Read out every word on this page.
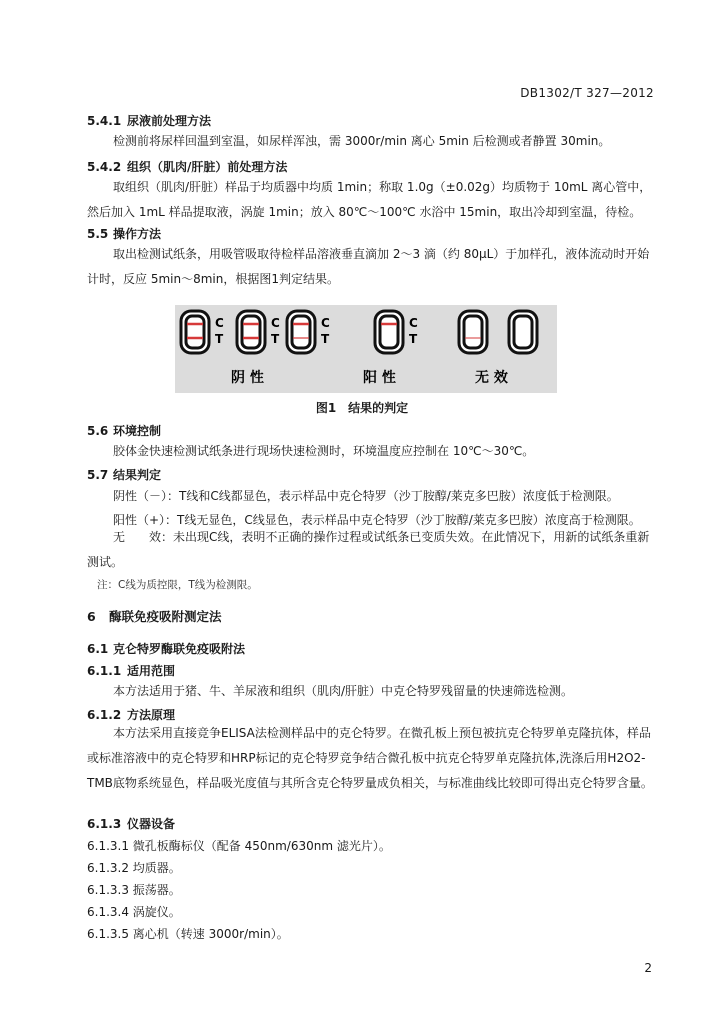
DB1302/T 327—2012
5.4.1 尿液前处理方法
检测前将尿样回温到室温，如尿样浑浊，需 3000r/min 离心 5min 后检测或者静置 30min。
5.4.2 组织（肌肉/肝脏）前处理方法
取组织（肌肉/肝脏）样品于均质器中均质 1min；称取 1.0g（±0.02g）均质物于 10mL 离心管中，然后加入 1mL 样品提取液，涡旋 1min；放入 80℃～100℃ 水浴中 15min，取出冷却到室温，待检。
5.5 操作方法
取出检测试纸条，用吸管吸取待检样品溶液垂直滴加 2～3 滴（约 80μL）于加样孔，液体流动时开始计时，反应 5min～8min，根据图1判定结果。
C
T
C
T
C
T
C
T
阴 性	阳 性	无 效
图1　结果的判定
5.6 环境控制
胶体金快速检测试纸条进行现场快速检测时，环境温度应控制在 10℃～30℃。
5.7 结果判定
阴性（－）：T线和C线都显色，表示样品中克仑特罗（沙丁胺醇/莱克多巴胺）浓度低于检测限。
阳性（+）：T线无显色，C线显色，表示样品中克仑特罗（沙丁胺醇/莱克多巴胺）浓度高于检测限。
无　　效：未出现C线，表明不正确的操作过程或试纸条已变质失效。在此情况下，用新的试纸条重新测试。
注：C线为质控限，T线为检测限。
6 酶联免疫吸附测定法
6.1 克仑特罗酶联免疫吸附法
6.1.1 适用范围
本方法适用于猪、牛、羊尿液和组织（肌肉/肝脏）中克仑特罗残留量的快速筛选检测。
6.1.2 方法原理
本方法采用直接竞争ELISA法检测样品中的克仑特罗。在微孔板上预包被抗克仑特罗单克隆抗体，样品或标准溶液中的克仑特罗和HRP标记的克仑特罗竞争结合微孔板中抗克仑特罗单克隆抗体,洗涤后用H2O2-TMB底物系统显色，样品吸光度值与其所含克仑特罗量成负相关，与标准曲线比较即可得出克仑特罗含量。
6.1.3 仪器设备
6.1.3.1 微孔板酶标仪（配备 450nm/630nm 滤光片）。
6.1.3.2 均质器。
6.1.3.3 振荡器。
6.1.3.4 涡旋仪。
6.1.3.5 离心机（转速 3000r/min）。
2
